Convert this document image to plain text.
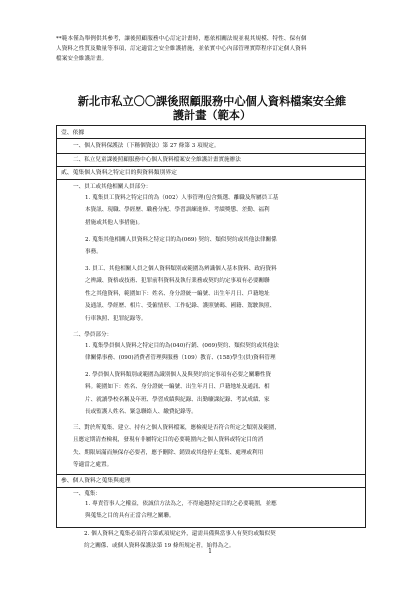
**範本僅為舉例供其參考，讓後照顧服務中心訂定計畫時，應依相關法規並視其規模、特性、保有個
人資料之性質及數量等事項，訂定適當之安全維護措施，並依實中心內部管理實際程序訂定個人資料
檔案安全維護計畫。
新北市私立〇〇課後照顧服務中心個人資料檔案安全維
護計畫（範本）
壹、依據
一、個人資料保護法（下稱個資法）第 27 條第 3 項規定。
二、私立兒童課後照顧服務中心個人資料檔案安全維護計畫實施辦法
貳、蒐集個人資料之特定目的與資料類別界定
一、員工或其他相關人員部分：
1. 蒐集員工資料之特定目的為（002）人事管理(包含甄選、離職及所屬員工基
本資訊、現職、學經歷、職務分配、學習訓練進修、考績獎懲、差勤、福利
措施或其他人事措施)。
2. 蒐集其他相關人員資料之特定目的為(069) 契約、類似契約或其他法律關係
事務。
3. 員工、其他相關人員之個人資料類別或範圍為辨識個人基本資料、政府資料
之辨識、資格或技術、犯罪前科資料及執行業務或契約約定事項有必要關聯
性之其他資料，範圍如下：姓名、身分證統一編號、出生年月日、戶籍地址
及通訊、學經歷、相片、受僱情形、工作紀錄、護照號碼、國籍、駕駛執照、
行車執照、犯罪紀錄等。
二、學員部分：
1. 蒐集學員個人資料之特定目的為(040)行銷、(069)契約、類似契約或其他法
律關係事務、(090)消費者管理與服務（109）教育、(158)學生(員)資料管理
2. 學員個人資料類別或範圍為識別個人及與契約約定事項有必要之關聯性資
料。範圍如下：姓名、身分證統一編號、出生年月日、戶籍地址及通訊、相
片、就讀學校名稱及年班、學習成績與紀錄、出勤曠課紀錄、考試成績、家
長或監護人姓名、緊急聯絡人、繳費紀錄等。
三、對於所蒐集、建立、持有之個人資料檔案，應檢視是否符合所定之類別及範圍，
且應定期清查檢視，發現有非屬特定目的必要範圍內之個人資料或特定目的消
失、期限屆滿而無保存必要者，應予刪除、銷毀或其他停止蒐集、處理或利用
等適當之處置。
參、個人資料之蒐集與處理
一、蒐集：
1. 專責管事人之權益，依誠信方法為之，不得逾越特定目的之必要範圍，並應
與蒐集之目的具有正當合理之關聯。
2. 個人資料之蒐集必須符合第貳項規定外，還需具備與當事人有契約或類似契
約之關係、或個人資料保護法第 19 條所規定者，始得為之。
1
